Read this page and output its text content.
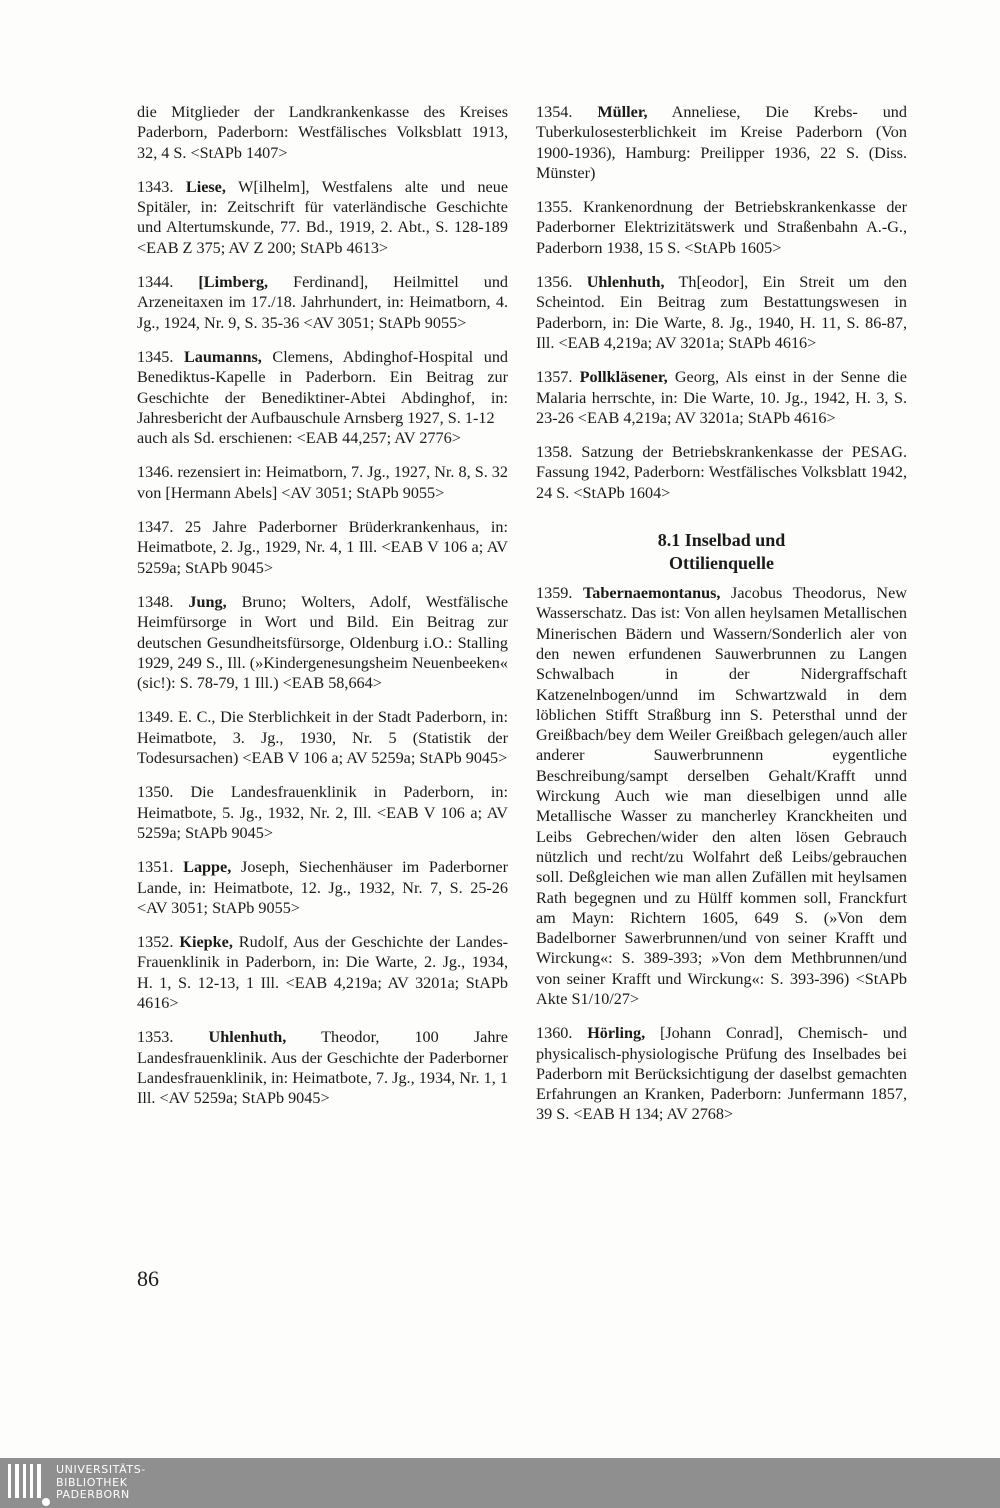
die Mitglieder der Landkrankenkasse des Kreises Paderborn, Paderborn: Westfälisches Volksblatt 1913, 32, 4 S. <StAPb 1407>

1343. Liese, W[ilhelm], Westfalens alte und neue Spitäler, in: Zeitschrift für vaterländische Geschichte und Altertumskunde, 77. Bd., 1919, 2. Abt., S. 128-189 <EAB Z 375; AV Z 200; StAPb 4613>

1344. [Limberg, Ferdinand], Heilmittel und Arzeneitaxen im 17./18. Jahrhundert, in: Heimatborn, 4. Jg., 1924, Nr. 9, S. 35-36 <AV 3051; StAPb 9055>

1345. Laumanns, Clemens, Abdinghof-Hospital und Benediktus-Kapelle in Paderborn. Ein Beitrag zur Geschichte der Benediktiner-Abtei Abdinghof, in: Jahresbericht der Aufbauschule Arnsberg 1927, S. 1-12
auch als Sd. erschienen: <EAB 44,257; AV 2776>

1346. rezensiert in: Heimatborn, 7. Jg., 1927, Nr. 8, S. 32 von [Hermann Abels] <AV 3051; StAPb 9055>

1347. 25 Jahre Paderborner Brüderkrankenhaus, in: Heimatbote, 2. Jg., 1929, Nr. 4, 1 Ill. <EAB V 106 a; AV 5259a; StAPb 9045>

1348. Jung, Bruno; Wolters, Adolf, Westfälische Heimfürsorge in Wort und Bild. Ein Beitrag zur deutschen Gesundheitsfürsorge, Oldenburg i.O.: Stalling 1929, 249 S., Ill. (»Kindergenesungsheim Neuenbeeken« (sic!): S. 78-79, 1 Ill.) <EAB 58,664>

1349. E. C., Die Sterblichkeit in der Stadt Paderborn, in: Heimatbote, 3. Jg., 1930, Nr. 5 (Statistik der Todesursachen) <EAB V 106 a; AV 5259a; StAPb 9045>

1350. Die Landesfrauenklinik in Paderborn, in: Heimatbote, 5. Jg., 1932, Nr. 2, Ill. <EAB V 106 a; AV 5259a; StAPb 9045>

1351. Lappe, Joseph, Siechenhäuser im Paderborner Lande, in: Heimatbote, 12. Jg., 1932, Nr. 7, S. 25-26 <AV 3051; StAPb 9055>

1352. Kiepke, Rudolf, Aus der Geschichte der Landes-Frauenklinik in Paderborn, in: Die Warte, 2. Jg., 1934, H. 1, S. 12-13, 1 Ill. <EAB 4,219a; AV 3201a; StAPb 4616>

1353. Uhlenhuth, Theodor, 100 Jahre Landesfrauenklinik. Aus der Geschichte der Paderborner Landesfrauenklinik, in: Heimatbote, 7. Jg., 1934, Nr. 1, 1 Ill. <AV 5259a; StAPb 9045>

1354. Müller, Anneliese, Die Krebs- und Tuberkulosesterblichkeit im Kreise Paderborn (Von 1900-1936), Hamburg: Preilipper 1936, 22 S. (Diss. Münster)

1355. Krankenordnung der Betriebskrankenkasse der Paderborner Elektrizitätswerk und Straßenbahn A.-G., Paderborn 1938, 15 S. <StAPb 1605>

1356. Uhlenhuth, Th[eodor], Ein Streit um den Scheintod. Ein Beitrag zum Bestattungswesen in Paderborn, in: Die Warte, 8. Jg., 1940, H. 11, S. 86-87, Ill. <EAB 4,219a; AV 3201a; StAPb 4616>

1357. Pollkläsener, Georg, Als einst in der Senne die Malaria herrschte, in: Die Warte, 10. Jg., 1942, H. 3, S. 23-26 <EAB 4,219a; AV 3201a; StAPb 4616>

1358. Satzung der Betriebskrankenkasse der PESAG. Fassung 1942, Paderborn: Westfälisches Volksblatt 1942, 24 S. <StAPb 1604>

8.1 Inselbad und
Ottilienquelle

1359. Tabernaemontanus, Jacobus Theodorus, New Wasserschatz. Das ist: Von allen heylsamen Metallischen Minerischen Bädern und Wassern/Sonderlich aler von den newen erfundenen Sauwerbrunnen zu Langen Schwalbach in der Nidergraffschaft Katzenelnbogen/unnd im Schwartzwald in dem löblichen Stifft Straßburg inn S. Petersthal unnd der Greißbach/bey dem Weiler Greißbach gelegen/auch aller anderer Sauwerbrunnenn eygentliche Beschreibung/sampt derselben Gehalt/Krafft unnd Wirckung Auch wie man dieselbigen unnd alle Metallische Wasser zu mancherley Kranckheiten und Leibs Gebrechen/wider den alten lösen Gebrauch nützlich und recht/zu Wolfahrt deß Leibs/gebrauchen soll. Deßgleichen wie man allen Zufällen mit heylsamen Rath begegnen und zu Hülff kommen soll, Franckfurt am Mayn: Richtern 1605, 649 S. (»Von dem Badelborner Sawerbrunnen/und von seiner Krafft und Wirckung«: S. 389-393; »Von dem Methbrunnen/und von seiner Krafft und Wirckung«: S. 393-396) <StAPb Akte S1/10/27>

1360. Hörling, [Johann Conrad], Chemisch- und physicalisch-physiologische Prüfung des Inselbades bei Paderborn mit Berücksichtigung der daselbst gemachten Erfahrungen an Kranken, Paderborn: Junfermann 1857, 39 S. <EAB H 134; AV 2768>

86
UNIVERSITÄTS-
BIBLIOTHEK
PADERBORN
